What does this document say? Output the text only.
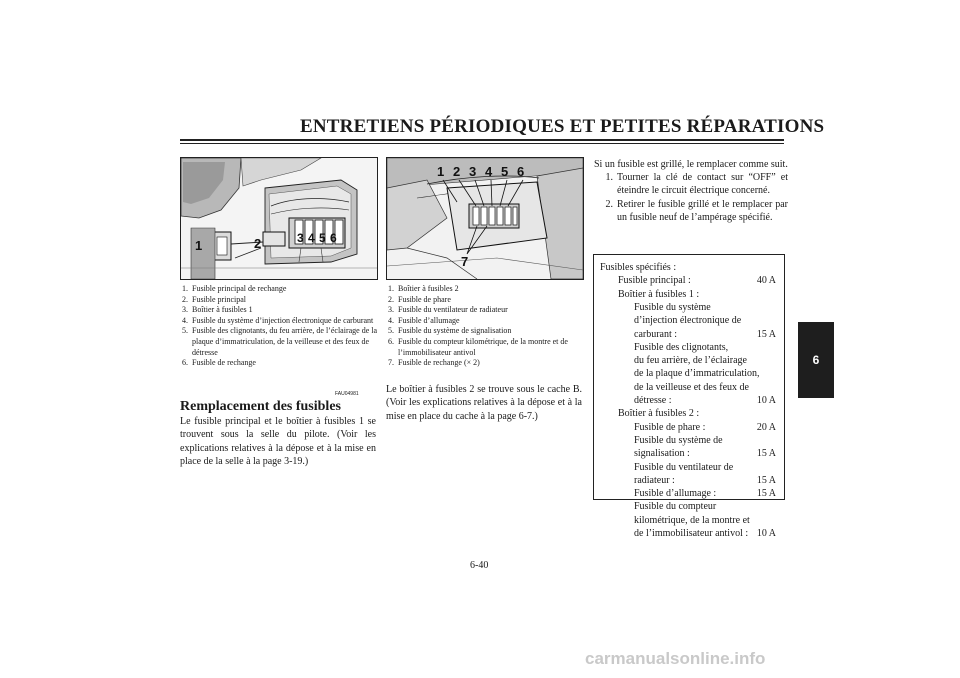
ENTRETIENS PÉRIODIQUES ET PETITES RÉPARATIONS
6
1	2	3 4 5 6
1 2 3 4 5 6
7
1. Fusible principal de rechange
2. Fusible principal
3. Boîtier à fusibles 1
4. Fusible du système d’injection électronique de carburant
5. Fusible des clignotants, du feu arrière, de l’éclairage de la plaque d’immatriculation, de la veilleuse et des feux de détresse
6. Fusible de rechange
1. Boîtier à fusibles 2
2. Fusible de phare
3. Fusible du ventilateur de radiateur
4. Fusible d’allumage
5. Fusible du système de signalisation
6. Fusible du compteur kilométrique, de la montre et de l’immobilisateur antivol
7. Fusible de rechange (× 2)
FAU04981
Remplacement des fusibles

Le fusible principal et le boîtier à fusibles 1 se trouvent sous la selle du pilote. (Voir les explications relatives à la dépose et à la mise en place de la selle à la page 3-19.)

Le boîtier à fusibles 2 se trouve sous le cache B. (Voir les explications relatives à la dépose et à la mise en place du cache à la page 6-7.)

Si un fusible est grillé, le remplacer comme suit.

1. Tourner la clé de contact sur “OFF” et éteindre le circuit électrique concerné.
2. Retirer le fusible grillé et le remplacer par un fusible neuf de l’ampérage spécifié.
Fusibles spécifiés :
Fusible principal :	40 A
Boîtier à fusibles 1 :
Fusible du système
d’injection électronique de
carburant :	15 A
Fusible des clignotants,
du feu arrière, de l’éclairage
de la plaque d’immatriculation,
de la veilleuse et des feux de
détresse :	10 A
Boîtier à fusibles 2 :
Fusible de phare :	20 A
Fusible du système de
signalisation :	15 A
Fusible du ventilateur de
radiateur :	15 A
Fusible d’allumage :	15 A
Fusible du compteur
kilométrique, de la montre et
de l’immobilisateur antivol : 10 A
6-40
carmanualsonline.info
